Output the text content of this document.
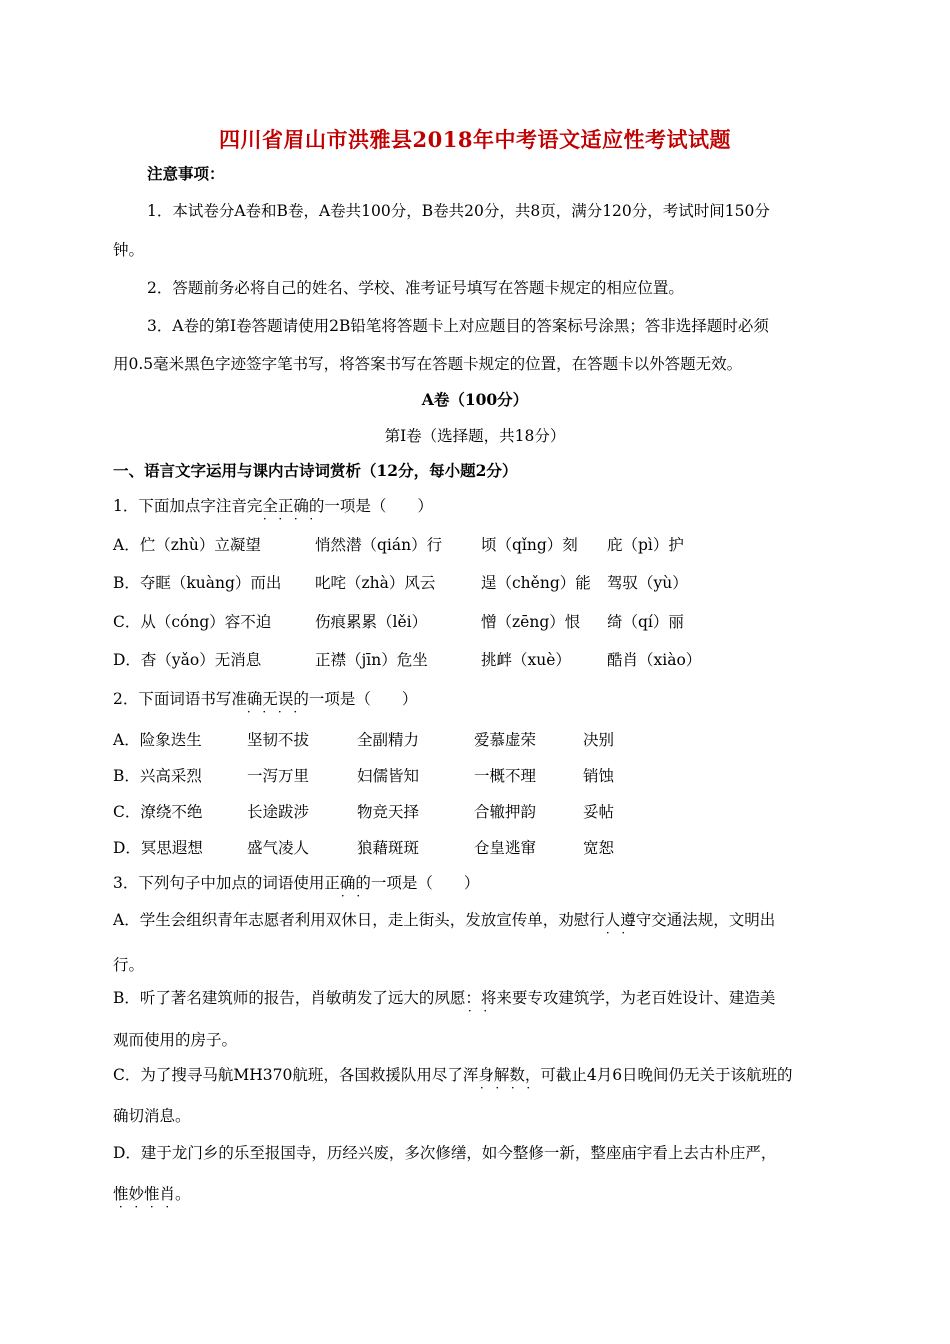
四川省眉山市洪雅县2018年中考语文适应性考试试题
注意事项：
1．本试卷分A卷和B卷，A卷共100分，B卷共20分，共8页，满分120分，考试时间150分
钟。
2．答题前务必将自己的姓名、学校、准考证号填写在答题卡规定的相应位置。
3．A卷的第Ⅰ卷答题请使用2B铅笔将答题卡上对应题目的答案标号涂黑；答非选择题时必须
用0.5毫米黑色字迹签字笔书写，将答案书写在答题卡规定的位置，在答题卡以外答题无效。
A卷（100分）
第Ⅰ卷（选择题，共18分）
一、语言文字运用与课内古诗词赏析（12分，每小题2分）
1．下面加点字注音完全正确的一项是（　　）
· · · ·
A．伫（zhù）立凝望	悄然潜（qián）行	顷（qǐng）刻 庇（pì）护
B．夺眶（kuàng）而出 叱咤（zhà）风云	逞（chěng）能 驾驭（yù）
C．从（cóng）容不迫	伤痕累累（lěi）	憎（zēng）恨 绮（qí）丽
D．杳（yǎo）无消息	正襟（jīn）危坐	挑衅（xuè） 酷肖（xiào）
2．下面词语书写准确无误的一项是（　　）
· · · ·
A．险象迭生	坚韧不拔	全副精力	爱慕虚荣	决别
B．兴高采烈	一泻万里	妇儒皆知	一概不理	销蚀
C．潦绕不绝	长途跋涉	物竞天择	合辙押韵	妥帖
D．冥思遐想	盛气凌人	狼藉斑斑	仓皇逃窜	宽恕
3．下列句子中加点的词语使用正确的一项是（　　）
· ·
A．学生会组织青年志愿者利用双休日，走上街头，发放宣传单，劝慰行人遵守交通法规，文明出
· ·
行。
B．听了著名建筑师的报告，肖敏萌发了远大的夙愿：将来要专攻建筑学，为老百姓设计、建造美
· ·
观而使用的房子。
C．为了搜寻马航MH370航班，各国救援队用尽了浑身解数，可截止4月6日晚间仍无关于该航班的
· · · ·
确切消息。
D．建于龙门乡的乐至报国寺，历经兴废，多次修缮，如今整修一新，整座庙宇看上去古朴庄严，
惟妙惟肖。
· · · ·
